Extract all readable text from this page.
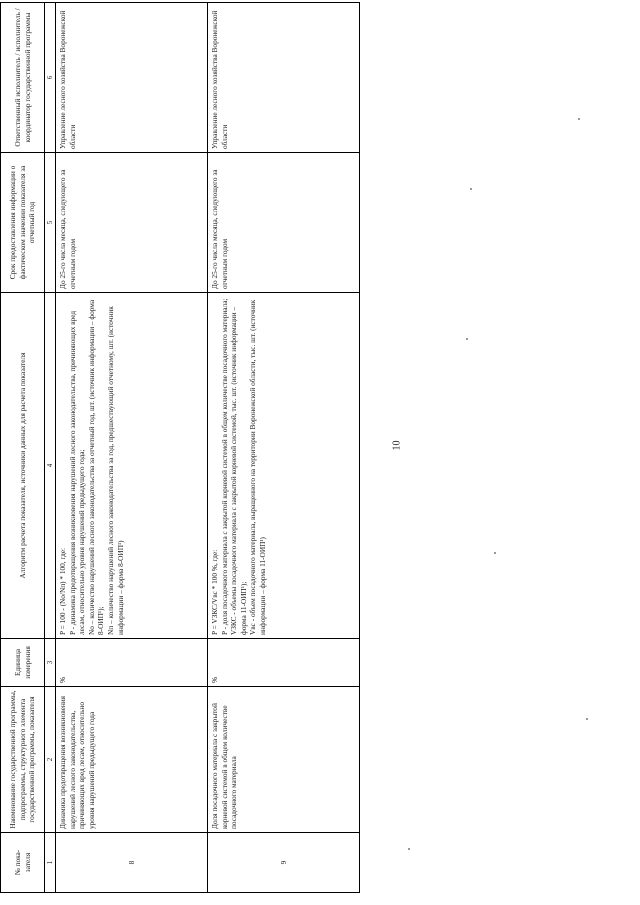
10
№ пока-
зателя	Наименование государственной программы, подпрограммы, структурного элемента государственной программы, показателя	Единица измерения	Алгоритм расчета показателя, источники данных для расчета показателя	Срок предоставления информации о фактическом значении показателя за отчетный год	Ответственный исполнитель / исполнитель / координатор государственной программы
1	2	3	4	5	6
8	Динамика предотвращения возникновения нарушений лесного законодательства, причиняющих вред лесам, относительно уровня нарушений предыдущего года	%	P = 100 - (No/Nп) * 100, где: P - динамика предотвращения возникновения нарушений лесного законодательства, причиняющих вред лесам, относительно уровня нарушений предыдущего года; No – количество нарушений лесного законодательства за отчетный год, шт. (источник информации – форма 8-ОИП¹); Nп – количество нарушений лесного законодательства за год, предшествующий отчетному, шт. (источник информации – форма 8-ОИП¹)	До 25-го числа месяца, следующего за отчетным годом	Управление лесного хозяйства Воронежской области
9	Доля посадочного материала с закрытой корневой системой в общем количестве посадочного материала	%	P = VЗКС/Vвс * 100 %, где: P - доля посадочного материала с закрытой корневой системой в общем количестве посадочного материала; VЗКС - объемы посадочного материала с закрытой корневой системой, тыс. шт. (источник информации – форма 11-ОИП¹); Vвс - объем посадочного материала, выращенного на территории Воронежской области, тыс. шт. (источник информации – форма 11-ОИП¹)	До 25-го числа месяца, следующего за отчетным годом	Управление лесного хозяйства Воронежской области
